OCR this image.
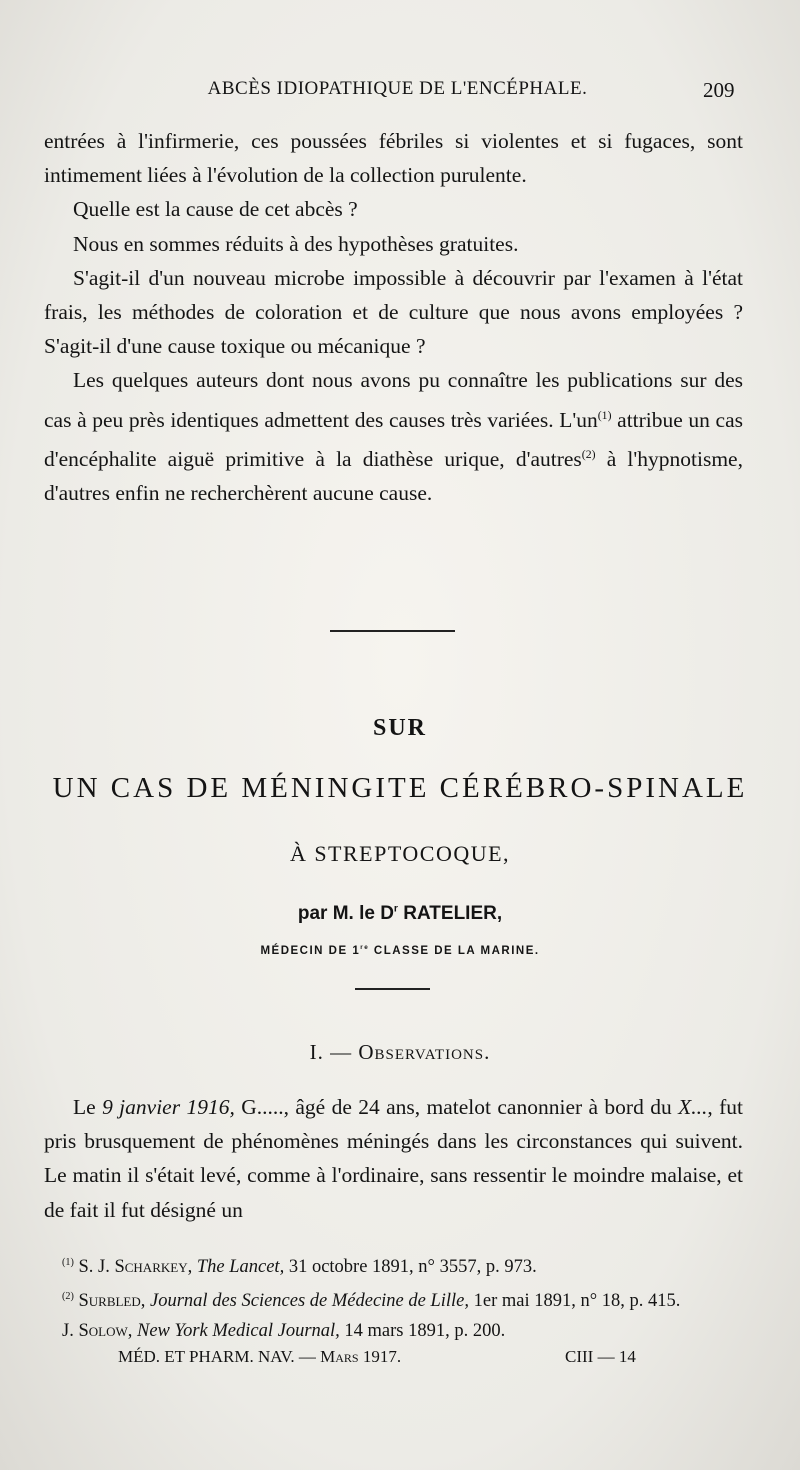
ABCÈS IDIOPATHIQUE DE L'ENCÉPHALE.	209

entrées à l'infirmerie, ces poussées fébriles si violentes et si fugaces, sont intimement liées à l'évolution de la collection purulente.

Quelle est la cause de cet abcès ?

Nous en sommes réduits à des hypothèses gratuites.

S'agit-il d'un nouveau microbe impossible à découvrir par l'examen à l'état frais, les méthodes de coloration et de culture que nous avons employées ? S'agit-il d'une cause toxique ou mécanique ?

Les quelques auteurs dont nous avons pu connaître les publications sur des cas à peu près identiques admettent des causes très variées. $L'un^{(1)}$ attribue un cas d'encéphalite aiguë primitive à la diathèse urique, d'autres$^{(2)}$ à l'hypnotisme, d'autres enfin ne recherchèrent aucune cause.

SUR
UN CAS DE MÉNINGITE CÉRÉBRO-SPINALE
À STREPTOCOQUE,
par M. le $D^r$ RATELIER,
MÉDECIN DE 1re CLASSE DE LA MARINE.
I. — Observations.

Le 9 janvier 1916, G....., âgé de 24 ans, matelot canonnier à bord du X..., fut pris brusquement de phénomènes méningés dans les circonstances qui suivent. Le matin il s'était levé, comme à l'ordinaire, sans ressentir le moindre malaise, et de fait il fut désigné un

$^{(1)}$ S. J. Scharkey, The Lancet, 31 octobre 1891, n° 3557, p. 973.

$^{(2)}$ Surbled, Journal des Sciences de Médecine de Lille, 1er mai 1891, n° 18, p. 415.

J. Solow, New York Medical Journal, 14 mars 1891, p. 200.

MÉD. ET PHARM. NAV. — Mars 1917.	CIII — 14
